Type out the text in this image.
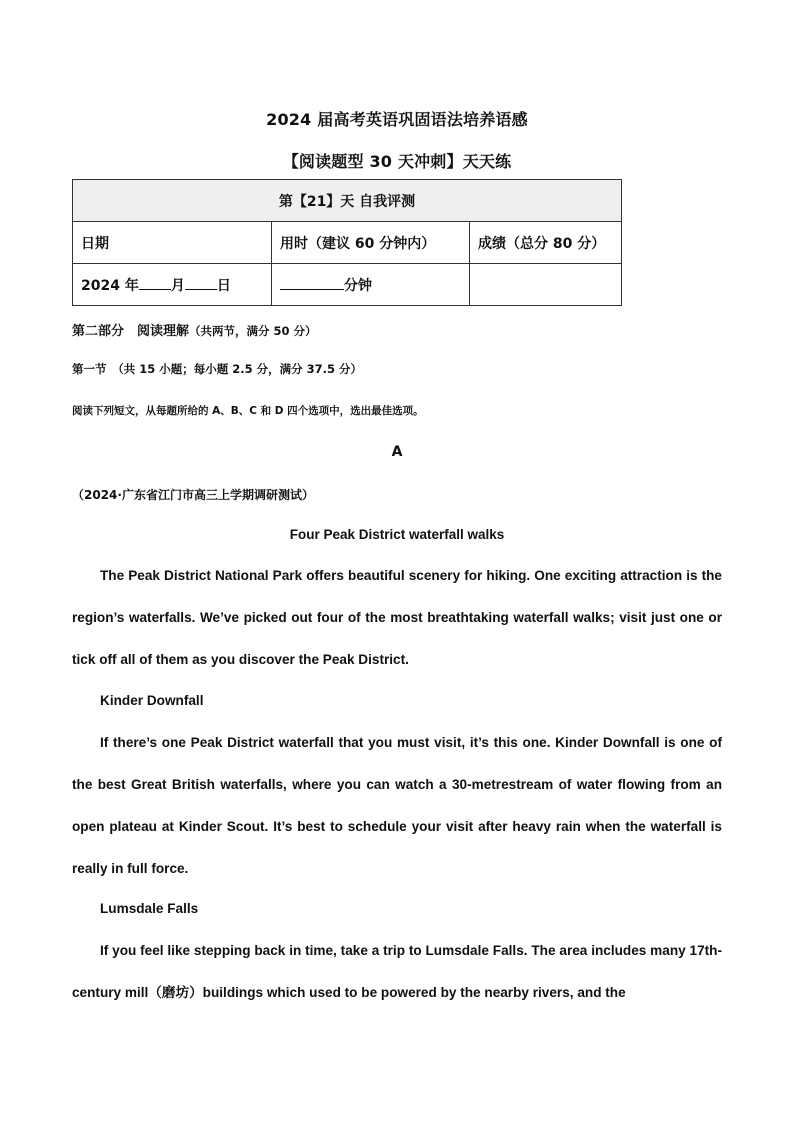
2024 届高考英语巩固语法培养语感
【阅读题型 30 天冲刺】天天练
第【21】天 自我评测		
日期	用时（建议 60 分钟内）	成绩（总分 80 分）
2024 年 月 日	分钟	
第二部分　阅读理解（共两节，满分 50 分）
第一节　（共 15 小题；每小题 2.5 分，满分 37.5 分）
阅读下列短文，从每题所给的 A、B、C 和 D 四个选项中，选出最佳选项。
A
（2024·广东省江门市高三上学期调研测试）
Four Peak District waterfall walks
The Peak District National Park offers beautiful scenery for hiking. One exciting attraction is the region’s waterfalls. We’ve picked out four of the most breathtaking waterfall walks; visit just one or tick off all of them as you discover the Peak District.
Kinder Downfall
If there’s one Peak District waterfall that you must visit, it’s this one. Kinder Downfall is one of the best Great British waterfalls, where you can watch a 30-metrestream of water flowing from an open plateau at Kinder Scout. It’s best to schedule your visit after heavy rain when the waterfall is really in full force.
Lumsdale Falls
If you feel like stepping back in time, take a trip to Lumsdale Falls. The area includes many 17th-century mill（磨坊）buildings which used to be powered by the nearby rivers, and the
